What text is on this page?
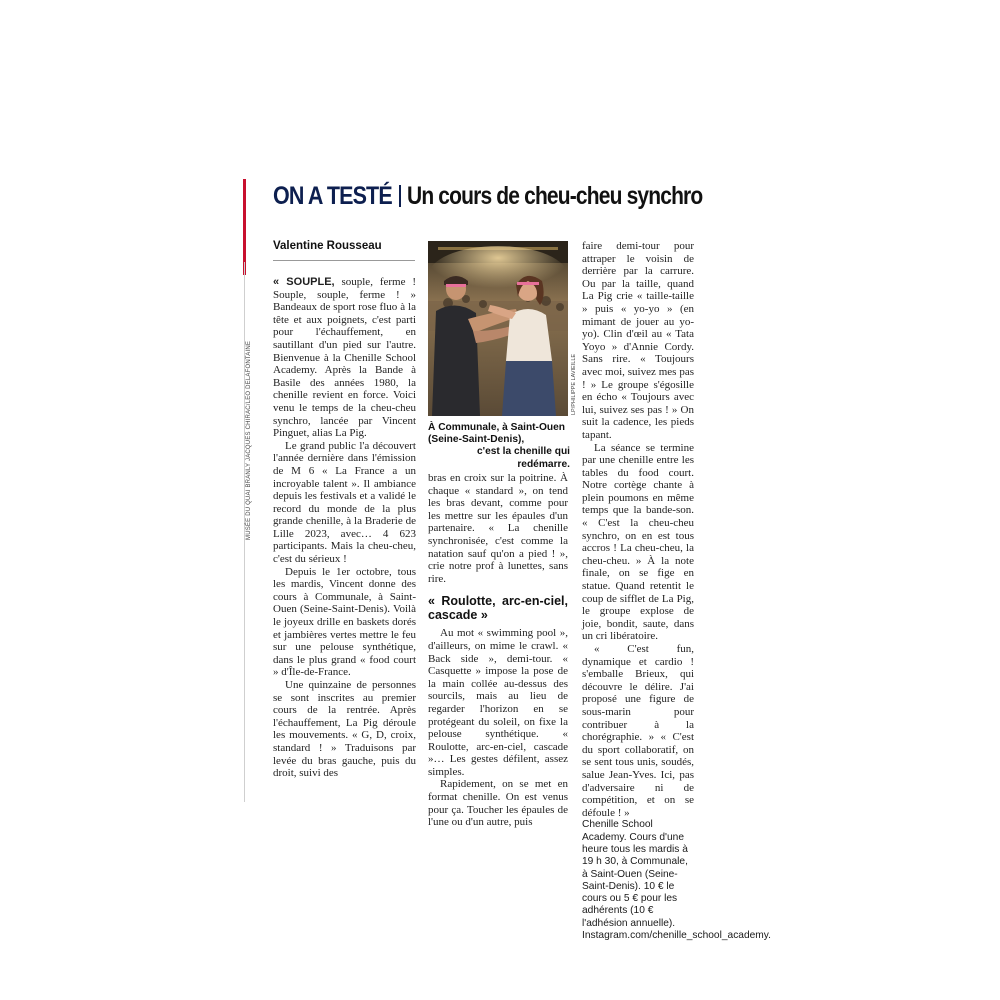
MUSÉE DU QUAI BRANLY JACQUES CHIRAC/LEO DELAFONTAINE
ON A TESTÉ Un cours de cheu-cheu synchro
Valentine Rousseau

« SOUPLE, souple, ferme ! Souple, souple, ferme ! » Bandeaux de sport rose fluo à la tête et aux poignets, c'est parti pour l'échauffement, en sautillant d'un pied sur l'autre. Bienvenue à la Chenille School Academy. Après la Bande à Basile des années 1980, la chenille revient en force. Voici venu le temps de la cheu-cheu synchro, lancée par Vincent Pinguet, alias La Pig.

Le grand public l'a découvert l'année dernière dans l'émission de M 6 « La France a un incroyable talent ». Il ambiance depuis les festivals et a validé le record du monde de la plus grande chenille, à la Braderie de Lille 2023, avec… 4 623 participants. Mais la cheu-cheu, c'est du sérieux !

Depuis le 1er octobre, tous les mardis, Vincent donne des cours à Communale, à Saint-Ouen (Seine-Saint-Denis). Voilà le joyeux drille en baskets dorés et jambières vertes mettre le feu sur une pelouse synthétique, dans le plus grand « food court » d'Île-de-France.

Une quinzaine de personnes se sont inscrites au premier cours de la rentrée. Après l'échauffement, La Pig déroule les mouvements. « G, D, croix, standard ! » Traduisons par levée du bras gauche, puis du droit, suivi des

LP/PHILIPPE LAVIEILLE
À Communale, à Saint-Ouen
(Seine-Saint-Denis),
c'est la chenille qui redémarre.

bras en croix sur la poitrine. À chaque « standard », on tend les bras devant, comme pour les mettre sur les épaules d'un partenaire. « La chenille synchronisée, c'est comme la natation sauf qu'on a pied ! », crie notre prof à lunettes, sans rire.

« Roulotte, arc-en-ciel, cascade »

Au mot « swimming pool », d'ailleurs, on mime le crawl. « Back side », demi-tour. « Casquette » impose la pose de la main collée au-dessus des sourcils, mais au lieu de regarder l'horizon en se protégeant du soleil, on fixe la pelouse synthétique. « Roulotte, arc-en-ciel, cascade »… Les gestes défilent, assez simples.

Rapidement, on se met en format chenille. On est venus pour ça. Toucher les épaules de l'une ou d'un autre, puis

faire demi-tour pour attraper le voisin de derrière par la carrure. Ou par la taille, quand La Pig crie « taille-taille » puis « yo-yo » (en mimant de jouer au yo-yo). Clin d'œil au « Tata Yoyo » d'Annie Cordy. Sans rire. « Toujours avec moi, suivez mes pas ! » Le groupe s'égosille en écho « Toujours avec lui, suivez ses pas ! » On suit la cadence, les pieds tapant.

La séance se termine par une chenille entre les tables du food court. Notre cortège chante à plein poumons en même temps que la bande-son. « C'est la cheu-cheu synchro, on en est tous accros ! La cheu-cheu, la cheu-cheu. » À la note finale, on se fige en statue. Quand retentit le coup de sifflet de La Pig, le groupe explose de joie, bondit, saute, dans un cri libératoire.

« C'est fun, dynamique et cardio ! s'emballe Brieux, qui découvre le délire. J'ai proposé une figure de sous-marin pour contribuer à la chorégraphie. » « C'est du sport collaboratif, on se sent tous unis, soudés, salue Jean-Yves. Ici, pas d'adversaire ni de compétition, et on se défoule ! »

Chenille School Academy. Cours d'une heure tous les mardis à 19 h 30, à Communale, à Saint-Ouen (Seine-Saint-Denis). 10 € le cours ou 5 € pour les adhérents (10 € l'adhésion annuelle). Instagram.com/chenille_school_academy.
